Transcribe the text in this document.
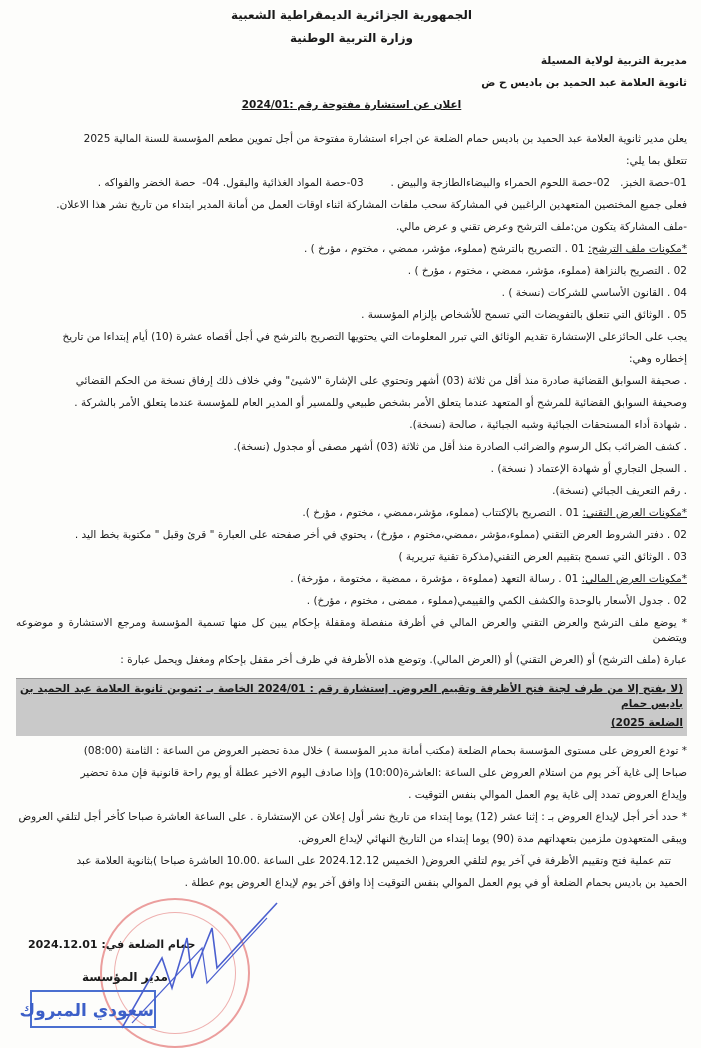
الجمهورية الجزائرية الديمقراطية الشعبية
وزارة التربية الوطنية
مديرية التربية لولاية المسيلة
ثانوية العلامة عبد الحميد بن باديس ح ض
اعلان عن استشارة مفتوحة رقم :2024/01
يعلن مدير ثانوية العلامة عبد الحميد بن باديس حمام الضلعة عن اجراء استشارة مفتوحة من أجل تموين مطعم المؤسسة للسنة المالية 2025
تتعلق بما يلي:
01-حصة الخبز.   02-حصة اللحوم الحمراء والبيضاءالطازجة والبيض .        03-حصة المواد الغذائية والبقول. 04-  حصة الخضر والفواكه .
فعلى جميع المختصين المتعهدين الراغبين في المشاركة سحب ملفات المشاركة اثناء اوقات العمل من أمانة المدير ابتداء من تاريخ نشر هذا الاعلان.
-ملف المشاركة يتكون من:ملف الترشح وعرض تقني و عرض مالي.
*مكونات ملف الترشح: 01 . التصريح بالترشح (مملوء، مؤشر، ممضي ، مختوم ، مؤرخ ) .
02 . التصريح بالنزاهة (مملوء، مؤشر، ممضي ، مختوم ، مؤرخ ) .
04 . القانون الأساسي للشركات (نسخة ) .
05 . الوثائق التي تتعلق بالتفويضات التي تسمح للأشخاص بإلزام المؤسسة .
يجب على الحائزعلى الإستشارة تقديم الوثائق التي تبرر المعلومات التي يحتويها التصريح بالترشح في أجل أقصاه عشرة (10) أيام إبتداءا من تاريخ
إخطاره وهي:
. صحيفة السوابق القضائية صادرة منذ أقل من ثلاثة (03) أشهر وتحتوي على الإشارة "لاشيئ" وفي خلاف ذلك إرفاق نسخة من الحكم القضائي
وصحيفة السوابق القضائية للمرشح أو المتعهد عندما يتعلق الأمر بشخص طبيعي وللمسير أو المدير العام للمؤسسة عندما يتعلق الأمر بالشركة .
. شهادة أداء المستحقات الجبائية وشبه الجبائية ، صالحة (نسخة).
. كشف الضرائب بكل الرسوم والضرائب الصادرة منذ أقل من ثلاثة (03) أشهر مصفى أو مجدول (نسخة).
. السجل التجاري أو شهادة الإعتماد ( نسخة) .
. رقم التعريف الجبائي (نسخة).
*مكونات العرض التقني: 01 . التصريح بالإكتتاب (مملوء، مؤشر،ممضي ، مختوم ، مؤرخ ).
02 . دفتر الشروط العرض التقني (مملوء،مؤشر ،ممضي،مختوم ، مؤرخ) ، يحتوي في أخر صفحته على العبارة " قرئ وقبل " مكتوبة بخط اليد .
03 . الوثائق التي تسمح بتقييم العرض التقني(مذكرة تقنية تبريرية )
*مكونات العرض المالي: 01 . رسالة التعهد (مملوءة ، مؤشرة ، ممضية ، مختومة ، مؤرخة) .
02 . جدول الأسعار بالوحدة والكشف الكمي والقييمي(مملوء ، ممضى ، مختوم ، مؤرخ) .
* يوضع ملف الترشح والعرض التقني والعرض المالي في أظرفة منفصلة ومقفلة بإحكام يبين كل منها تسمية المؤسسة ومرجع الاستشارة و موضوعه ويتضمن
عبارة (ملف الترشح) أو (العرض التقني) أو (العرض المالي). وتوضع هذه الأظرفة في ظرف أخر مقفل بإحكام ومغفل ويحمل عبارة :
(لا يفتح إلا من طرف لجنة فتح الأظرفة وتقييم العروض. إستشارة رقم : 2024/01 الخاصة بـ :تموين ثانوية العلامة عبد الحميد بن باديس حمام
الضلعة 2025)
* تودع العروض على مستوى المؤسسة بحمام الضلعة (مكتب أمانة مدير المؤسسة ) خلال مدة تحضير العروض من الساعة : الثامنة (08:00)
صباحا إلى غاية آخر يوم من استلام العروض على الساعة :العاشرة(10:00) وإذا صادف اليوم الاخير عطلة أو يوم راحة قانونية فإن مدة تحضير
وإيداع العروض تمدد إلى غاية يوم العمل الموالي بنفس التوقيت .
* حدد أخر أجل لإيداع العروض بـ : إثنا عشر (12) يوما إبتداء من تاريخ نشر أول إعلان عن الإستشارة . على الساعة العاشرة صباحا كأخر أجل لتلقي العروض
ويبقى المتعهدون ملزمين بتعهداتهم مدة (90) يوما إبتداء من التاريخ النهائي لإيداع العروض.
تتم عملية فتح وتقييم الأظرفة في آخر يوم لتلقي العروض( الخميس 2024.12.12 على الساعة .10.00 العاشرة صباحا )بثانوية العلامة عبد
الحميد بن باديس بحمام الضلعة أو في يوم العمل الموالي بنفس التوقيت إذا وافق آخر يوم لإيداع العروض يوم عطلة .
حمام الضلعة في: 2024.12.01
مدير المؤسسة
سعودي المبروك
